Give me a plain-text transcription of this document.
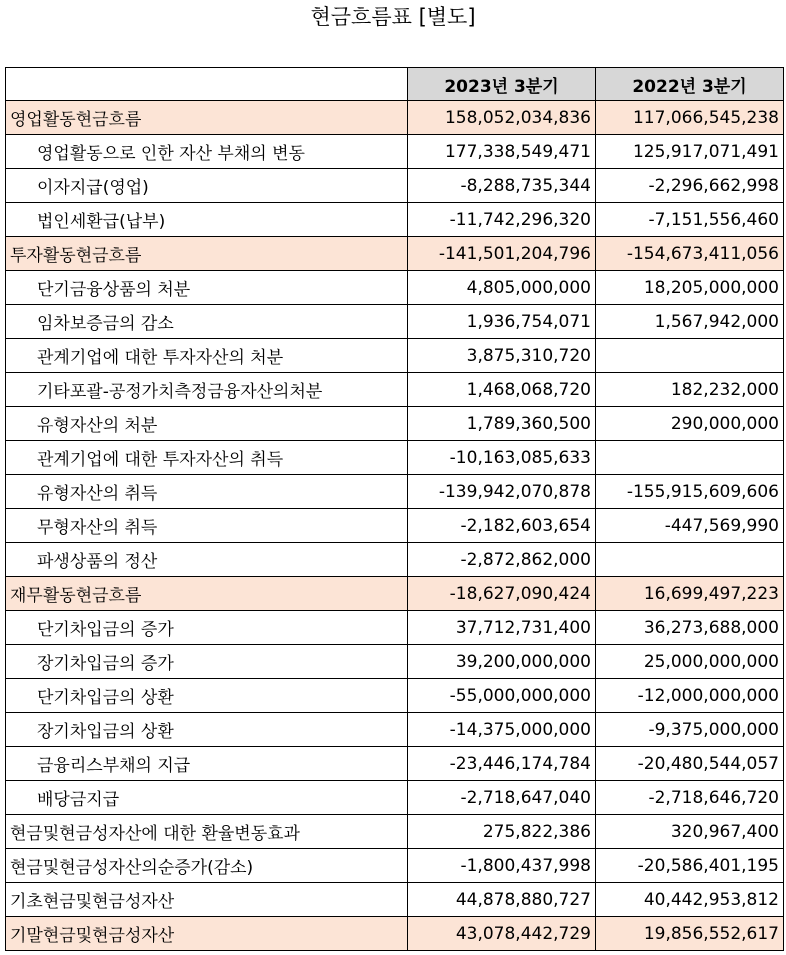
현금흐름표 [별도]
	2023년 3분기	2022년 3분기
영업활동현금흐름	158,052,034,836	117,066,545,238
영업활동으로 인한 자산 부채의 변동	177,338,549,471	125,917,071,491
이자지급(영업)	-8,288,735,344	-2,296,662,998
법인세환급(납부)	-11,742,296,320	-7,151,556,460
투자활동현금흐름	-141,501,204,796	-154,673,411,056
단기금융상품의 처분	4,805,000,000	18,205,000,000
임차보증금의 감소	1,936,754,071	1,567,942,000
관계기업에 대한 투자자산의 처분	3,875,310,720	
기타포괄-공정가치측정금융자산의처분	1,468,068,720	182,232,000
유형자산의 처분	1,789,360,500	290,000,000
관계기업에 대한 투자자산의 취득	-10,163,085,633	
유형자산의 취득	-139,942,070,878	-155,915,609,606
무형자산의 취득	-2,182,603,654	-447,569,990
파생상품의 정산	-2,872,862,000	
재무활동현금흐름	-18,627,090,424	16,699,497,223
단기차입금의 증가	37,712,731,400	36,273,688,000
장기차입금의 증가	39,200,000,000	25,000,000,000
단기차입금의 상환	-55,000,000,000	-12,000,000,000
장기차입금의 상환	-14,375,000,000	-9,375,000,000
금융리스부채의 지급	-23,446,174,784	-20,480,544,057
배당금지급	-2,718,647,040	-2,718,646,720
현금및현금성자산에 대한 환율변동효과	275,822,386	320,967,400
현금및현금성자산의순증가(감소)	-1,800,437,998	-20,586,401,195
기초현금및현금성자산	44,878,880,727	40,442,953,812
기말현금및현금성자산	43,078,442,729	19,856,552,617
